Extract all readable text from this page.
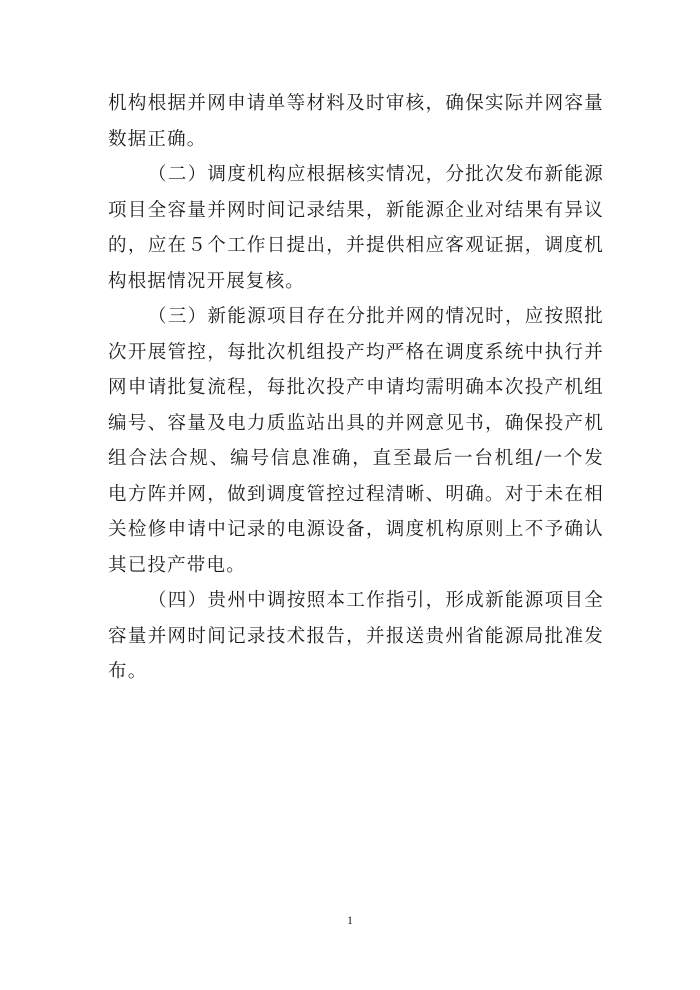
机构根据并网申请单等材料及时审核，确保实际并网容量数据正确。

（二）调度机构应根据核实情况，分批次发布新能源项目全容量并网时间记录结果，新能源企业对结果有异议的，应在５个工作日提出，并提供相应客观证据，调度机构根据情况开展复核。

（三）新能源项目存在分批并网的情况时，应按照批次开展管控，每批次机组投产均严格在调度系统中执行并网申请批复流程，每批次投产申请均需明确本次投产机组编号、容量及电力质监站出具的并网意见书，确保投产机组合法合规、编号信息准确，直至最后一台机组/一个发电方阵并网，做到调度管控过程清晰、明确。对于未在相关检修申请中记录的电源设备，调度机构原则上不予确认其已投产带电。

（四）贵州中调按照本工作指引，形成新能源项目全容量并网时间记录技术报告，并报送贵州省能源局批准发布。

1
